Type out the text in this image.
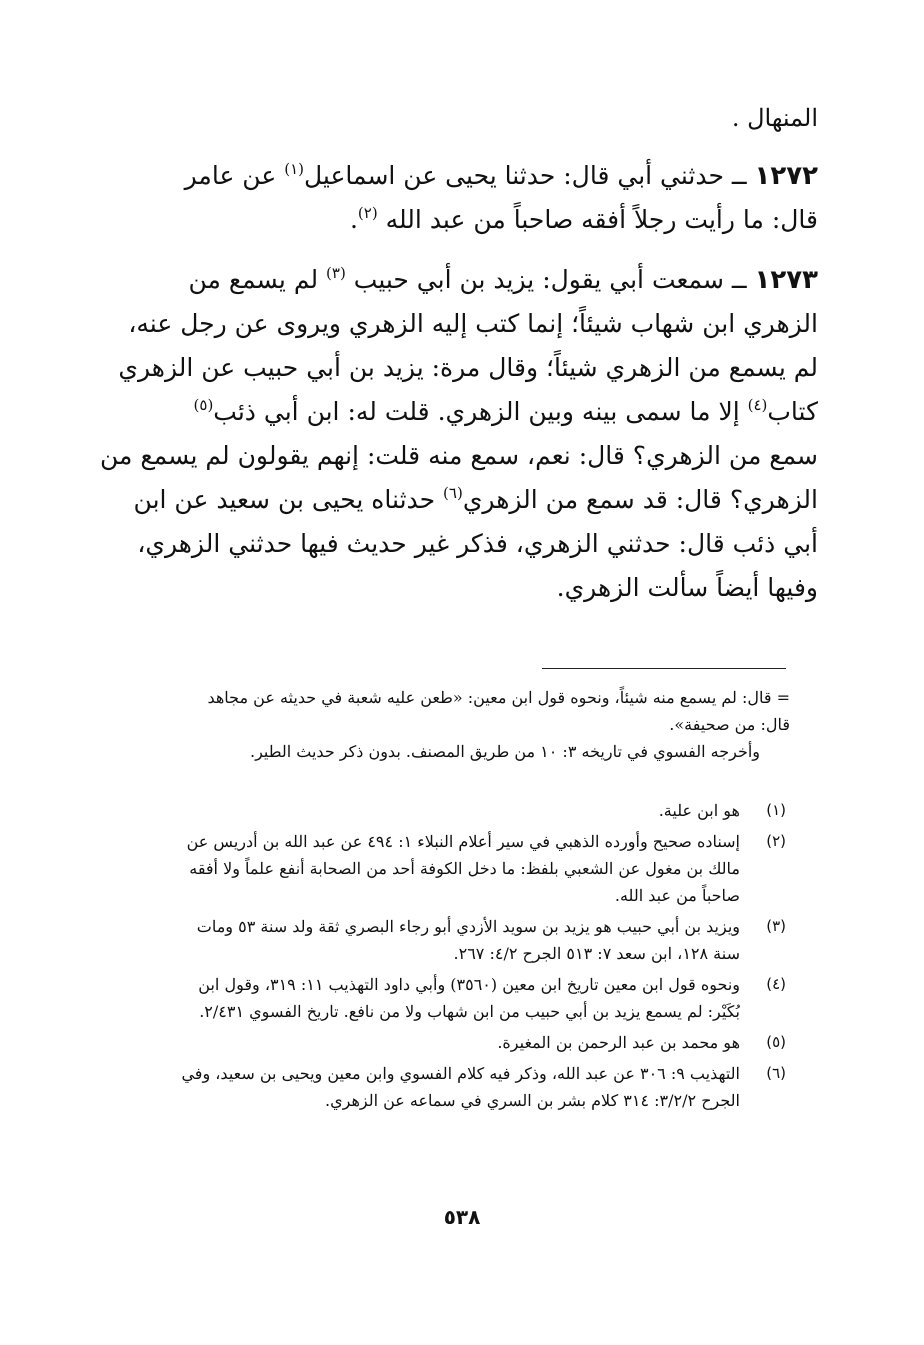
المنهال .
١٢٧٢ ــ حدثني أبي قال: حدثنا يحيى عن اسماعيل$^{(١)}$ عن عامر
قال: ما رأيت رجلاً أفقه صاحباً من عبد الله $^{(٢)}$.
١٢٧٣ ــ سمعت أبي يقول: يزيد بن أبي حبيب $^{(٣)}$ لم يسمع من
الزهري ابن شهاب شيئاً؛ إنما كتب إليه الزهري ويروى عن رجل عنه،
لم يسمع من الزهري شيئاً؛ وقال مرة: يزيد بن أبي حبيب عن الزهري
كتاب$^{(٤)}$ إلا ما سمى بينه وبين الزهري. قلت له: ابن أبي ذئب$^{(٥)}$
سمع من الزهري؟ قال: نعم، سمع منه قلت: إنهم يقولون لم يسمع من
الزهري؟ قال: قد سمع من الزهري$^{(٦)}$ حدثناه يحيى بن سعيد عن ابن
أبي ذئب قال: حدثني الزهري، فذكر غير حديث فيها حدثني الزهري،
وفيها أيضاً سألت الزهري.
= قال: لم يسمع منه شيئاً، ونحوه قول ابن معين: «طعن عليه شعبة في حديثه عن مجاهد
قال: من صحيفة».
وأخرجه الفسوي في تاريخه ٣: ١٠ من طريق المصنف. بدون ذكر حديث الطير.
(١)
هو ابن علية.
(٢)
إسناده صحيح وأورده الذهبي في سير أعلام النبلاء ١: ٤٩٤ عن عبد الله بن أدريس عن
مالك بن مغول عن الشعبي بلفظ: ما دخل الكوفة أحد من الصحابة أنفع علماً ولا أفقه
صاحباً من عبد الله.
(٣)
ويزيد بن أبي حبيب هو يزيد بن سويد الأزدي أبو رجاء البصري ثقة ولد سنة ٥٣ ومات
سنة ١٢٨، ابن سعد ٧: ٥١٣ الجرح ٤/٢: ٢٦٧.
(٤)
ونحوه قول ابن معين تاريخ ابن معين (٣٥٦٠) وأبي داود التهذيب ١١: ٣١٩، وقول ابن
بُكَيْر: لم يسمع يزيد بن أبي حبيب من ابن شهاب ولا من نافع. تاريخ الفسوي ٢/٤٣١.
(٥)
هو محمد بن عبد الرحمن بن المغيرة.
(٦)
التهذيب ٩: ٣٠٦ عن عبد الله، وذكر فيه كلام الفسوي وابن معين ويحيى بن سعيد، وفي
الجرح ٣/٢/٢: ٣١٤ كلام بشر بن السري في سماعه عن الزهري.
٥٣٨
